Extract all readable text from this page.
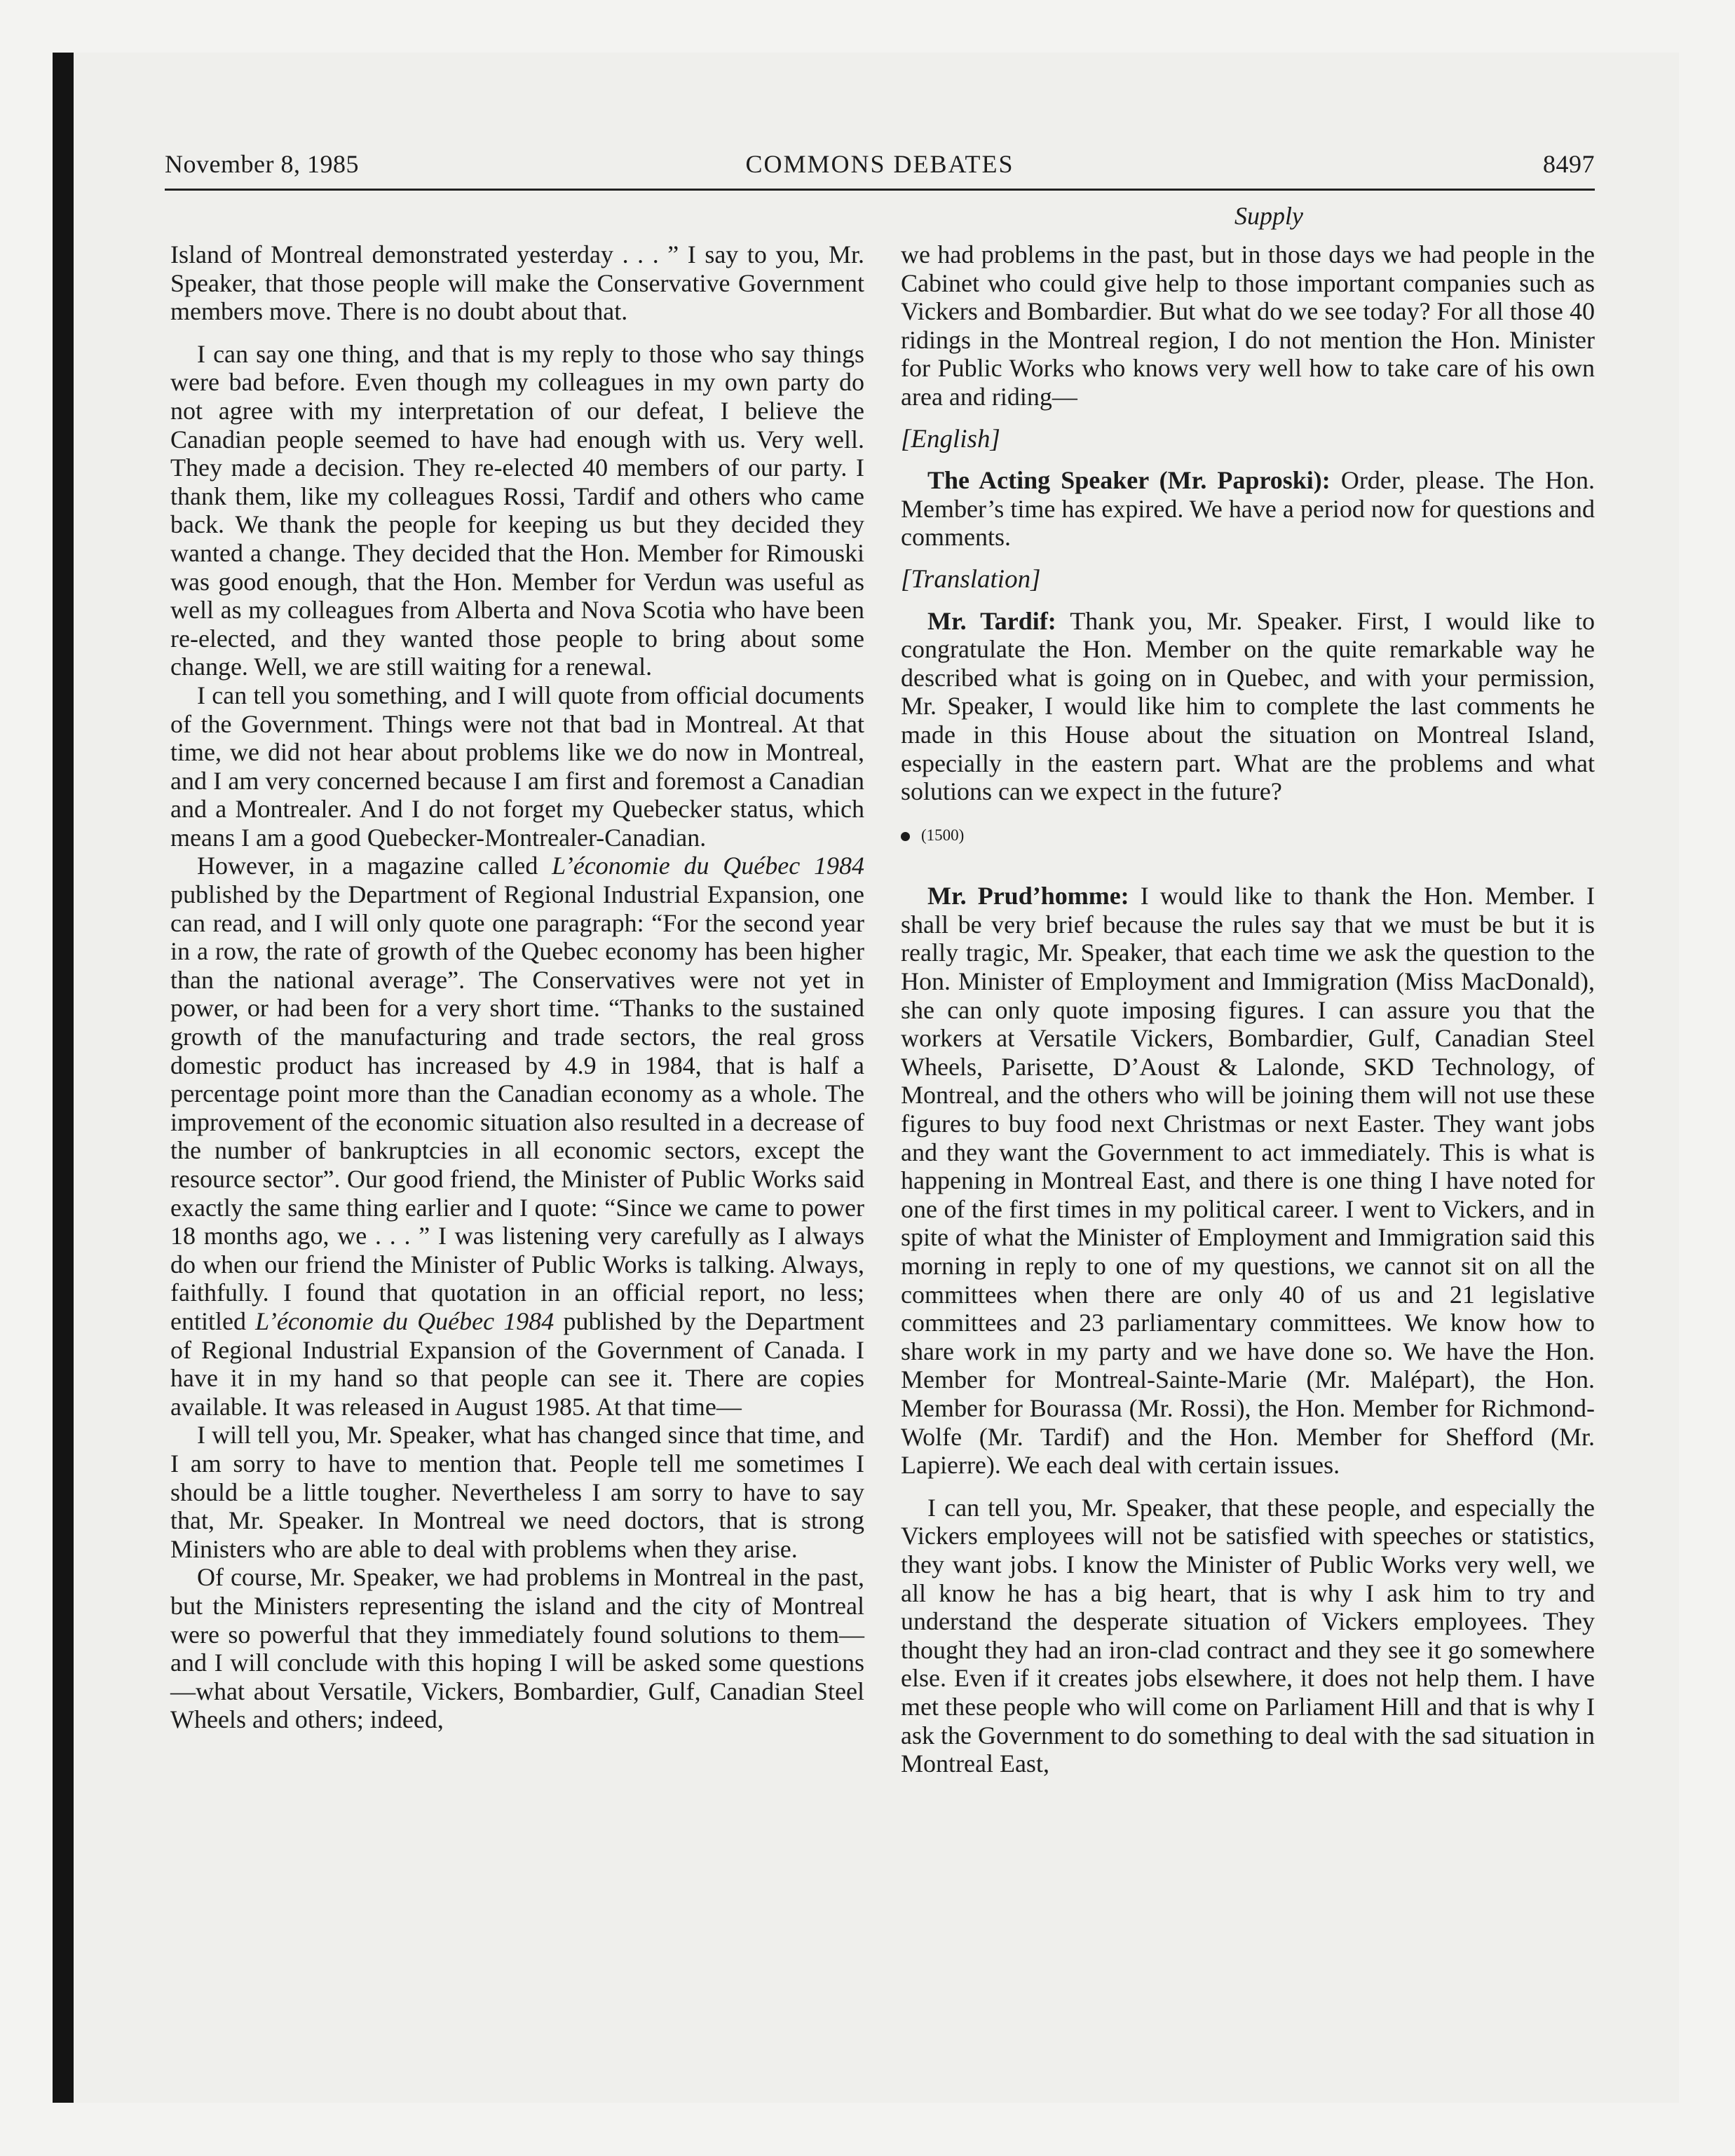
November 8, 1985	COMMONS DEBATES	8497
Supply

Island of Montreal demonstrated yesterday . . . ” I say to you, Mr. Speaker, that those people will make the Conservative Government members move. There is no doubt about that.

I can say one thing, and that is my reply to those who say things were bad before. Even though my colleagues in my own party do not agree with my interpretation of our defeat, I believe the Canadian people seemed to have had enough with us. Very well. They made a decision. They re-elected 40 members of our party. I thank them, like my colleagues Rossi, Tardif and others who came back. We thank the people for keeping us but they decided they wanted a change. They decided that the Hon. Member for Rimouski was good enough, that the Hon. Member for Verdun was useful as well as my colleagues from Alberta and Nova Scotia who have been re-elected, and they wanted those people to bring about some change. Well, we are still waiting for a renewal.

I can tell you something, and I will quote from official documents of the Government. Things were not that bad in Montreal. At that time, we did not hear about problems like we do now in Montreal, and I am very concerned because I am first and foremost a Canadian and a Montrealer. And I do not forget my Quebecker status, which means I am a good Quebecker-Montrealer-Canadian.

However, in a magazine called L’économie du Québec 1984 published by the Department of Regional Industrial Expansion, one can read, and I will only quote one paragraph: “For the second year in a row, the rate of growth of the Quebec economy has been higher than the national average”. The Conservatives were not yet in power, or had been for a very short time. “Thanks to the sustained growth of the manufacturing and trade sectors, the real gross domestic product has increased by 4.9 in 1984, that is half a percentage point more than the Canadian economy as a whole. The improvement of the economic situation also resulted in a decrease of the number of bankruptcies in all economic sectors, except the resource sector”. Our good friend, the Minister of Public Works said exactly the same thing earlier and I quote: “Since we came to power 18 months ago, we . . . ” I was listening very carefully as I always do when our friend the Minister of Public Works is talking. Always, faithfully. I found that quotation in an official report, no less; entitled L’économie du Québec 1984 published by the Department of Regional Industrial Expansion of the Government of Canada. I have it in my hand so that people can see it. There are copies available. It was released in August 1985. At that time—

I will tell you, Mr. Speaker, what has changed since that time, and I am sorry to have to mention that. People tell me sometimes I should be a little tougher. Nevertheless I am sorry to have to say that, Mr. Speaker. In Montreal we need doctors, that is strong Ministers who are able to deal with problems when they arise.

Of course, Mr. Speaker, we had problems in Montreal in the past, but the Ministers representing the island and the city of Montreal were so powerful that they immediately found solutions to them—and I will conclude with this hoping I will be asked some questions—what about Versatile, Vickers, Bombardier, Gulf, Canadian Steel Wheels and others; indeed,

we had problems in the past, but in those days we had people in the Cabinet who could give help to those important companies such as Vickers and Bombardier. But what do we see today? For all those 40 ridings in the Montreal region, I do not mention the Hon. Minister for Public Works who knows very well how to take care of his own area and riding—

[English]

The Acting Speaker (Mr. Paproski): Order, please. The Hon. Member’s time has expired. We have a period now for questions and comments.

[Translation]

Mr. Tardif: Thank you, Mr. Speaker. First, I would like to congratulate the Hon. Member on the quite remarkable way he described what is going on in Quebec, and with your permission, Mr. Speaker, I would like him to complete the last comments he made in this House about the situation on Montreal Island, especially in the eastern part. What are the problems and what solutions can we expect in the future?

(1500)

Mr. Prud’homme: I would like to thank the Hon. Member. I shall be very brief because the rules say that we must be but it is really tragic, Mr. Speaker, that each time we ask the question to the Hon. Minister of Employment and Immigration (Miss MacDonald), she can only quote imposing figures. I can assure you that the workers at Versatile Vickers, Bombardier, Gulf, Canadian Steel Wheels, Parisette, D’Aoust & Lalonde, SKD Technology, of Montreal, and the others who will be joining them will not use these figures to buy food next Christmas or next Easter. They want jobs and they want the Government to act immediately. This is what is happening in Montreal East, and there is one thing I have noted for one of the first times in my political career. I went to Vickers, and in spite of what the Minister of Employment and Immigration said this morning in reply to one of my questions, we cannot sit on all the committees when there are only 40 of us and 21 legislative committees and 23 parliamentary committees. We know how to share work in my party and we have done so. We have the Hon. Member for Montreal-Sainte-Marie (Mr. Malépart), the Hon. Member for Bourassa (Mr. Rossi), the Hon. Member for Richmond-Wolfe (Mr. Tardif) and the Hon. Member for Shefford (Mr. Lapierre). We each deal with certain issues.

I can tell you, Mr. Speaker, that these people, and especially the Vickers employees will not be satisfied with speeches or statistics, they want jobs. I know the Minister of Public Works very well, we all know he has a big heart, that is why I ask him to try and understand the desperate situation of Vickers employees. They thought they had an iron-clad contract and they see it go somewhere else. Even if it creates jobs elsewhere, it does not help them. I have met these people who will come on Parliament Hill and that is why I ask the Government to do something to deal with the sad situation in Montreal East,
